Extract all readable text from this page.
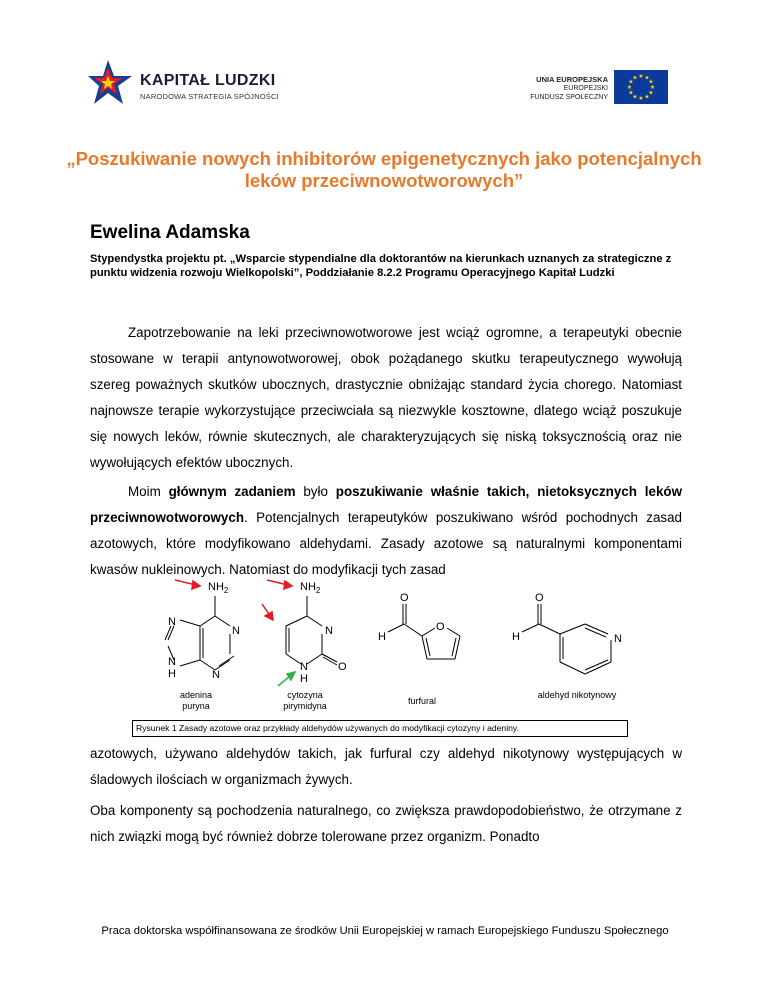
KAPITAŁ LUDZKI
NARODOWA STRATEGIA SPÓJNOŚCI
UNIA EUROPEJSKA
EUROPEJSKI
FUNDUSZ SPOŁECZNY
★ ★
★
★
★
★
★
★
★
★
★
★
„Poszukiwanie nowych inhibitorów epigenetycznych jako potencjalnych leków przeciwnowotworowych”
Ewelina Adamska
Stypendystka projektu pt. „Wsparcie stypendialne dla doktorantów na kierunkach uznanych za strategiczne z punktu widzenia rozwoju Wielkopolski”, Poddziałanie 8.2.2 Programu Operacyjnego Kapitał Ludzki
Zapotrzebowanie na leki przeciwnowotworowe jest wciąż ogromne, a terapeutyki obecnie stosowane w terapii antynowotworowej, obok pożądanego skutku terapeutycznego wywołują szereg poważnych skutków ubocznych, drastycznie obniżając standard życia chorego. Natomiast najnowsze terapie wykorzystujące przeciwciała są niezwykle kosztowne, dlatego wciąż poszukuje się nowych leków, równie skutecznych, ale charakteryzujących się niską toksycznością oraz nie wywołujących efektów ubocznych.
Moim głównym zadaniem było poszukiwanie właśnie takich, nietoksycznych leków przeciwnowotworowych. Potencjalnych terapeutyków poszukiwano wśród pochodnych zasad azotowych, które modyfikowano aldehydami. Zasady azotowe są naturalnymi komponentami kwasów nukleinowych. Natomiast do modyfikacji tych zasad
$NH_2$	$NH_2$
N
N
N
N
H
N
N
H
O
O
H
O
O
H	N
adenina
puryna
cytozyna
pirymidyna	furfural
aldehyd nikotynowy
Rysunek 1 Zasady azotowe oraz przykłady aldehydów używanych do modyfikacji cytozyny i adeniny.
azotowych, używano aldehydów takich, jak furfural czy aldehyd nikotynowy występujących w śladowych ilościach w organizmach żywych.
Oba komponenty są pochodzenia naturalnego, co zwiększa prawdopodobieństwo, że otrzymane z nich związki mogą być również dobrze tolerowane przez organizm. Ponadto
Praca doktorska współfinansowana ze środków Unii Europejskiej w ramach Europejskiego Funduszu Społecznego
